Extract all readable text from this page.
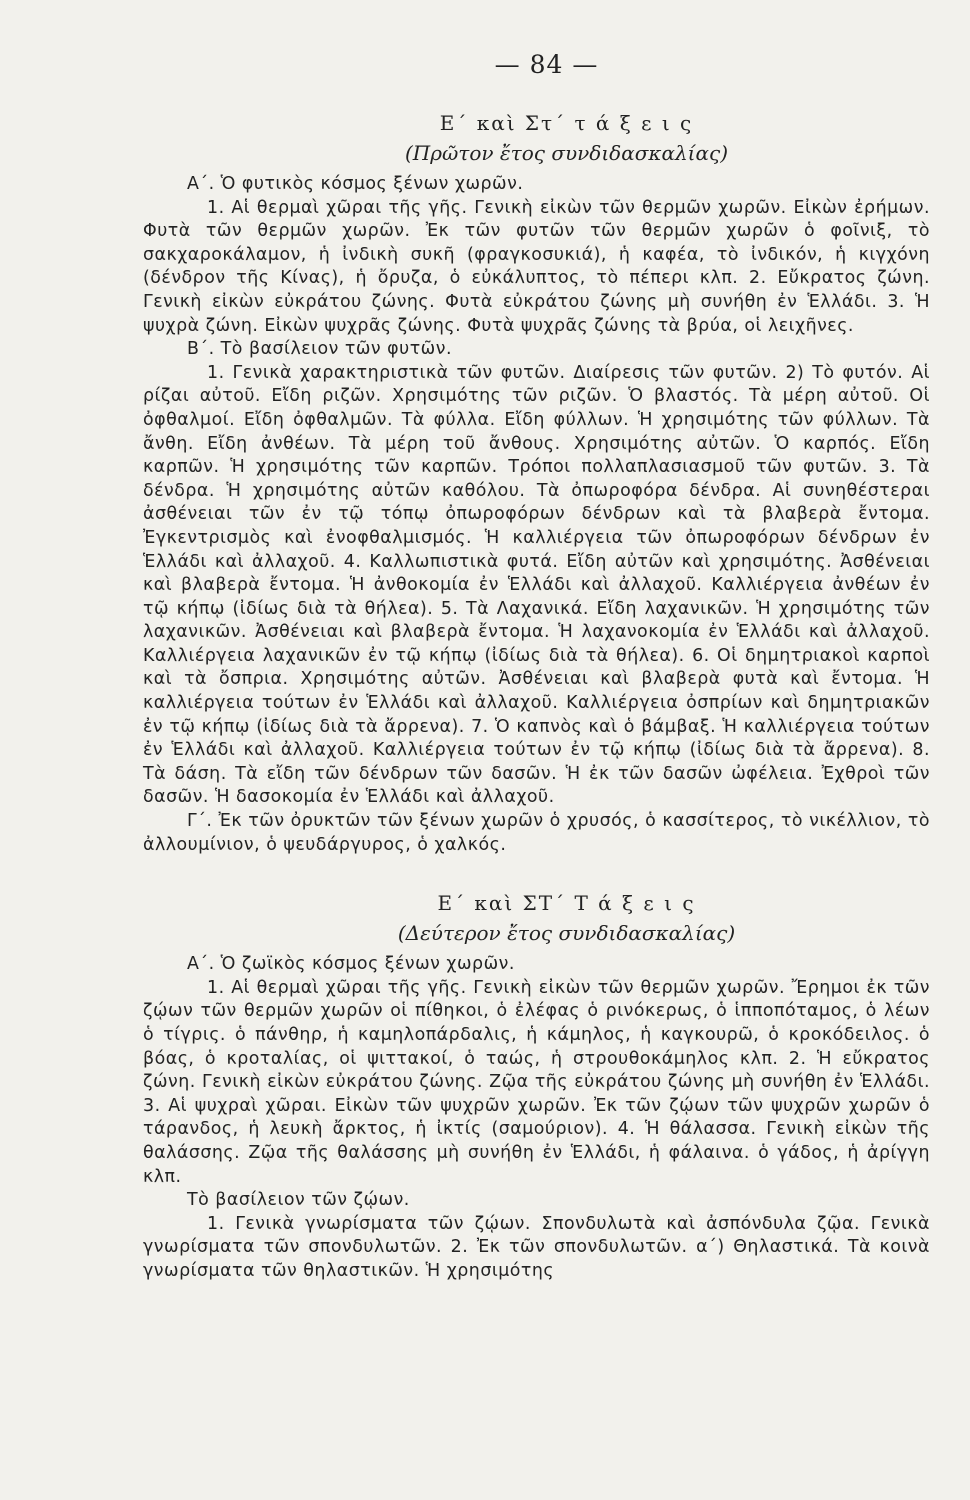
— 84 —
Ε΄ καὶ Στ΄ τ ά ξ ε ι ς
(Πρῶτον ἔτος συνδιδασκαλίας)

Α΄. Ὁ φυτικὸς κόσμος ξένων χωρῶν.

1. Αἱ θερμαὶ χῶραι τῆς γῆς. Γενικὴ εἰκὼν τῶν θερμῶν χωρῶν. Εἰκὼν ἐρήμων. Φυτὰ τῶν θερμῶν χωρῶν. Ἐκ τῶν φυτῶν τῶν θερμῶν χωρῶν ὁ φοῖνιξ, τὸ σακχαροκάλαμον, ἡ ἰνδικὴ συκῆ (φραγκοσυκιά), ἡ καφέα, τὸ ἰνδικόν, ἡ κιγχόνη (δένδρον τῆς Κίνας), ἡ ὄρυζα, ὁ εὐκάλυπτος, τὸ πέπερι κλπ. 2. Εὔκρατος ζώνη. Γενικὴ εἰκὼν εὐκράτου ζώνης. Φυτὰ εὐκράτου ζώνης μὴ συνήθη ἐν Ἑλλάδι. 3. Ἡ ψυχρὰ ζώνη. Εἰκὼν ψυχρᾶς ζώνης. Φυτὰ ψυχρᾶς ζώνης τὰ βρύα, οἱ λειχῆνες.

Β΄. Τὸ βασίλειον τῶν φυτῶν.

1. Γενικὰ χαρακτηριστικὰ τῶν φυτῶν. Διαίρεσις τῶν φυτῶν. 2) Τὸ φυτόν. Αἱ ρίζαι αὐτοῦ. Εἴδη ριζῶν. Χρησιμότης τῶν ριζῶν. Ὁ βλαστός. Τὰ μέρη αὐτοῦ. Οἱ ὀφθαλμοί. Εἴδη ὀφθαλμῶν. Τὰ φύλλα. Εἴδη φύλλων. Ἡ χρησιμότης τῶν φύλλων. Τὰ ἄνθη. Εἴδη ἀνθέων. Τὰ μέρη τοῦ ἄνθους. Χρησιμότης αὐτῶν. Ὁ καρπός. Εἴδη καρπῶν. Ἡ χρησιμότης τῶν καρπῶν. Τρόποι πολλαπλασιασμοῦ τῶν φυτῶν. 3. Τὰ δένδρα. Ἡ χρησιμότης αὐτῶν καθόλου. Τὰ ὀπωροφόρα δένδρα. Αἱ συνηθέστεραι ἀσθένειαι τῶν ἐν τῷ τόπῳ ὀπωροφόρων δένδρων καὶ τὰ βλαβερὰ ἔντομα. Ἐγκεντρισμὸς καὶ ἐνοφθαλμισμός. Ἡ καλλιέργεια τῶν ὀπωροφόρων δένδρων ἐν Ἑλλάδι καὶ ἀλλαχοῦ. 4. Καλλωπιστικὰ φυτά. Εἴδη αὐτῶν καὶ χρησιμότης. Ἀσθένειαι καὶ βλαβερὰ ἔντομα. Ἡ ἀνθοκομία ἐν Ἑλλάδι καὶ ἀλλαχοῦ. Καλλιέργεια ἀνθέων ἐν τῷ κήπῳ (ἰδίως διὰ τὰ θήλεα). 5. Τὰ Λαχανικά. Εἴδη λαχανικῶν. Ἡ χρησιμότης τῶν λαχανικῶν. Ἀσθένειαι καὶ βλαβερὰ ἔντομα. Ἡ λαχανοκομία ἐν Ἑλλάδι καὶ ἀλλαχοῦ. Καλλιέργεια λαχανικῶν ἐν τῷ κήπῳ (ἰδίως διὰ τὰ θήλεα). 6. Οἱ δημητριακοὶ καρποὶ καὶ τὰ ὄσπρια. Χρησιμότης αὐτῶν. Ἀσθένειαι καὶ βλαβερὰ φυτὰ καὶ ἔντομα. Ἡ καλλιέργεια τούτων ἐν Ἑλλάδι καὶ ἀλλαχοῦ. Καλλιέργεια ὀσπρίων καὶ δημητριακῶν ἐν τῷ κήπῳ (ἰδίως διὰ τὰ ἄρρενα). 7. Ὁ καπνὸς καὶ ὁ βάμβαξ. Ἡ καλλιέργεια τούτων ἐν Ἑλλάδι καὶ ἀλλαχοῦ. Καλλιέργεια τούτων ἐν τῷ κήπῳ (ἰδίως διὰ τὰ ἄρρενα). 8. Τὰ δάση. Τὰ εἴδη τῶν δένδρων τῶν δασῶν. Ἡ ἐκ τῶν δασῶν ὠφέλεια. Ἐχθροὶ τῶν δασῶν. Ἡ δασοκομία ἐν Ἑλλάδι καὶ ἀλλαχοῦ.

Γ΄. Ἐκ τῶν ὀρυκτῶν τῶν ξένων χωρῶν ὁ χρυσός, ὁ κασσίτερος, τὸ νικέλλιον, τὸ ἀλλουμίνιον, ὁ ψευδάργυρος, ὁ χαλκός.

Ε΄ καὶ ΣΤ΄ Τ ά ξ ε ι ς
(Δεύτερον ἔτος συνδιδασκαλίας)

Α΄. Ὁ ζωϊκὸς κόσμος ξένων χωρῶν.

1. Αἱ θερμαὶ χῶραι τῆς γῆς. Γενικὴ εἰκὼν τῶν θερμῶν χωρῶν. Ἔρημοι ἐκ τῶν ζῴων τῶν θερμῶν χωρῶν οἱ πίθηκοι, ὁ ἐλέφας ὁ ρινόκερως, ὁ ἱπποπόταμος, ὁ λέων ὁ τίγρις. ὁ πάνθηρ, ἡ καμηλοπάρδαλις, ἡ κάμηλος, ἡ καγκουρῶ, ὁ κροκόδειλος. ὁ βόας, ὁ κροταλίας, οἱ ψιττακοί, ὁ ταώς, ἡ στρουθοκάμηλος κλπ. 2. Ἡ εὔκρατος ζώνη. Γενικὴ εἰκὼν εὐκράτου ζώνης. Ζῷα τῆς εὐκράτου ζώνης μὴ συνήθη ἐν Ἑλλάδι. 3. Αἱ ψυχραὶ χῶραι. Εἰκὼν τῶν ψυχρῶν χωρῶν. Ἐκ τῶν ζῴων τῶν ψυχρῶν χωρῶν ὁ τάρανδος, ἡ λευκὴ ἄρκτος, ἡ ἰκτίς (σαμούριον). 4. Ἡ θάλασσα. Γενικὴ εἰκὼν τῆς θαλάσσης. Ζῷα τῆς θαλάσσης μὴ συνήθη ἐν Ἑλλάδι, ἡ φάλαινα. ὁ γάδος, ἡ ἀρίγγη κλπ.

Τὸ βασίλειον τῶν ζῴων.

1. Γενικὰ γνωρίσματα τῶν ζῴων. Σπονδυλωτὰ καὶ ἀσπόνδυλα ζῷα. Γενικὰ γνωρίσματα τῶν σπονδυλωτῶν. 2. Ἐκ τῶν σπονδυλωτῶν. α΄) Θηλαστικά. Τὰ κοινὰ γνωρίσματα τῶν θηλαστικῶν. Ἡ χρησιμότης
